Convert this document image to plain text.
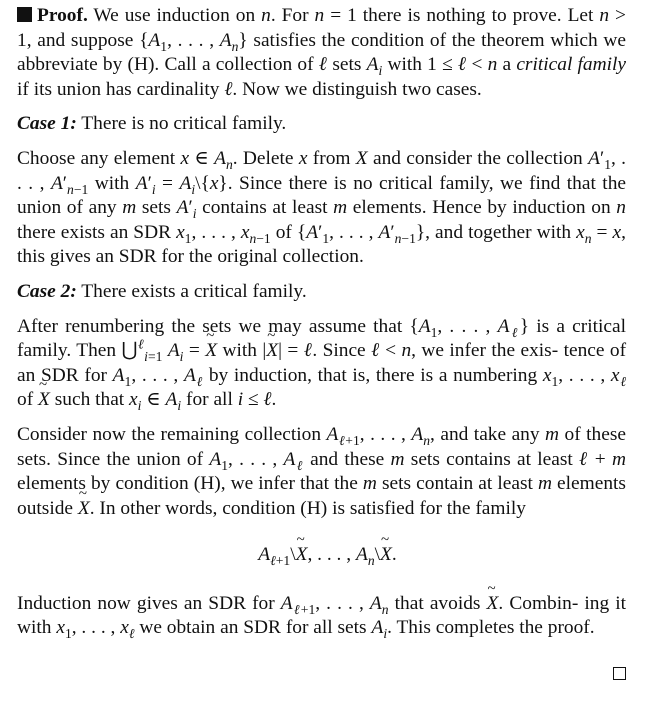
Proof. We use induction on n. For n = 1 there is nothing to prove. Let n > 1, and suppose {$A_1$, . . . , $A_n$} satisfies the condition of the theorem which we abbreviate by (H). Call a collection of ℓ sets $A_i$ with 1 ≤ ℓ < n a critical family if its union has cardinality ℓ. Now we distinguish two cases.

Case 1: There is no critical family.

Choose any element x ∈ $A_n$. Delete x from X and consider the collection $A'_1$, . . . , $A'_{n-1}$ with $A'_i$ = $A_i\backslash\{x\}$. Since there is no critical family, we find that the union of any m sets $A'_i$ contains at least m elements. Hence by induction on n there exists an SDR $x_1$, . . . , $x_{n-1}$ of {$A'_1$, . . . , $A'_{n-1}$}, and together with $x_n = x$, this gives an SDR for the original collection.

Case 2: There exists a critical family.

After renumbering the sets we may assume that {$A_1$, . . . , $A_\ell$} is a critical family. Then ⋃$^\ell_{i=1}$ $A_i$ = ~ X with |~ X| = ℓ. Since ℓ < n, we infer the exis- tence of an SDR for $A_1$, . . . , $A_\ell$ by induction, that is, there is a numbering $x_1$, . . . , $x_\ell$ of ~ X such that $x_i$ ∈ $A_i$ for all i ≤ ℓ.

Consider now the remaining collection $A_{\ell+1}$, . . . , $A_n$, and take any m of these sets. Since the union of $A_1$, . . . , $A_\ell$ and these m sets contains at least ℓ + m elements by condition (H), we infer that the m sets contain at least m elements outside ~ X. In other words, condition (H) is satisfied for the family

$A_{\ell+1}\backslash\sim$ X, . . . , $A_n\backslash\sim$ X.

Induction now gives an SDR for $A_{\ell+1}$, . . . , $A_n$ that avoids ~ X. Combin- ing it with $x_1$, . . . , $x_\ell$ we obtain an SDR for all sets $A_i$. This completes the proof.
